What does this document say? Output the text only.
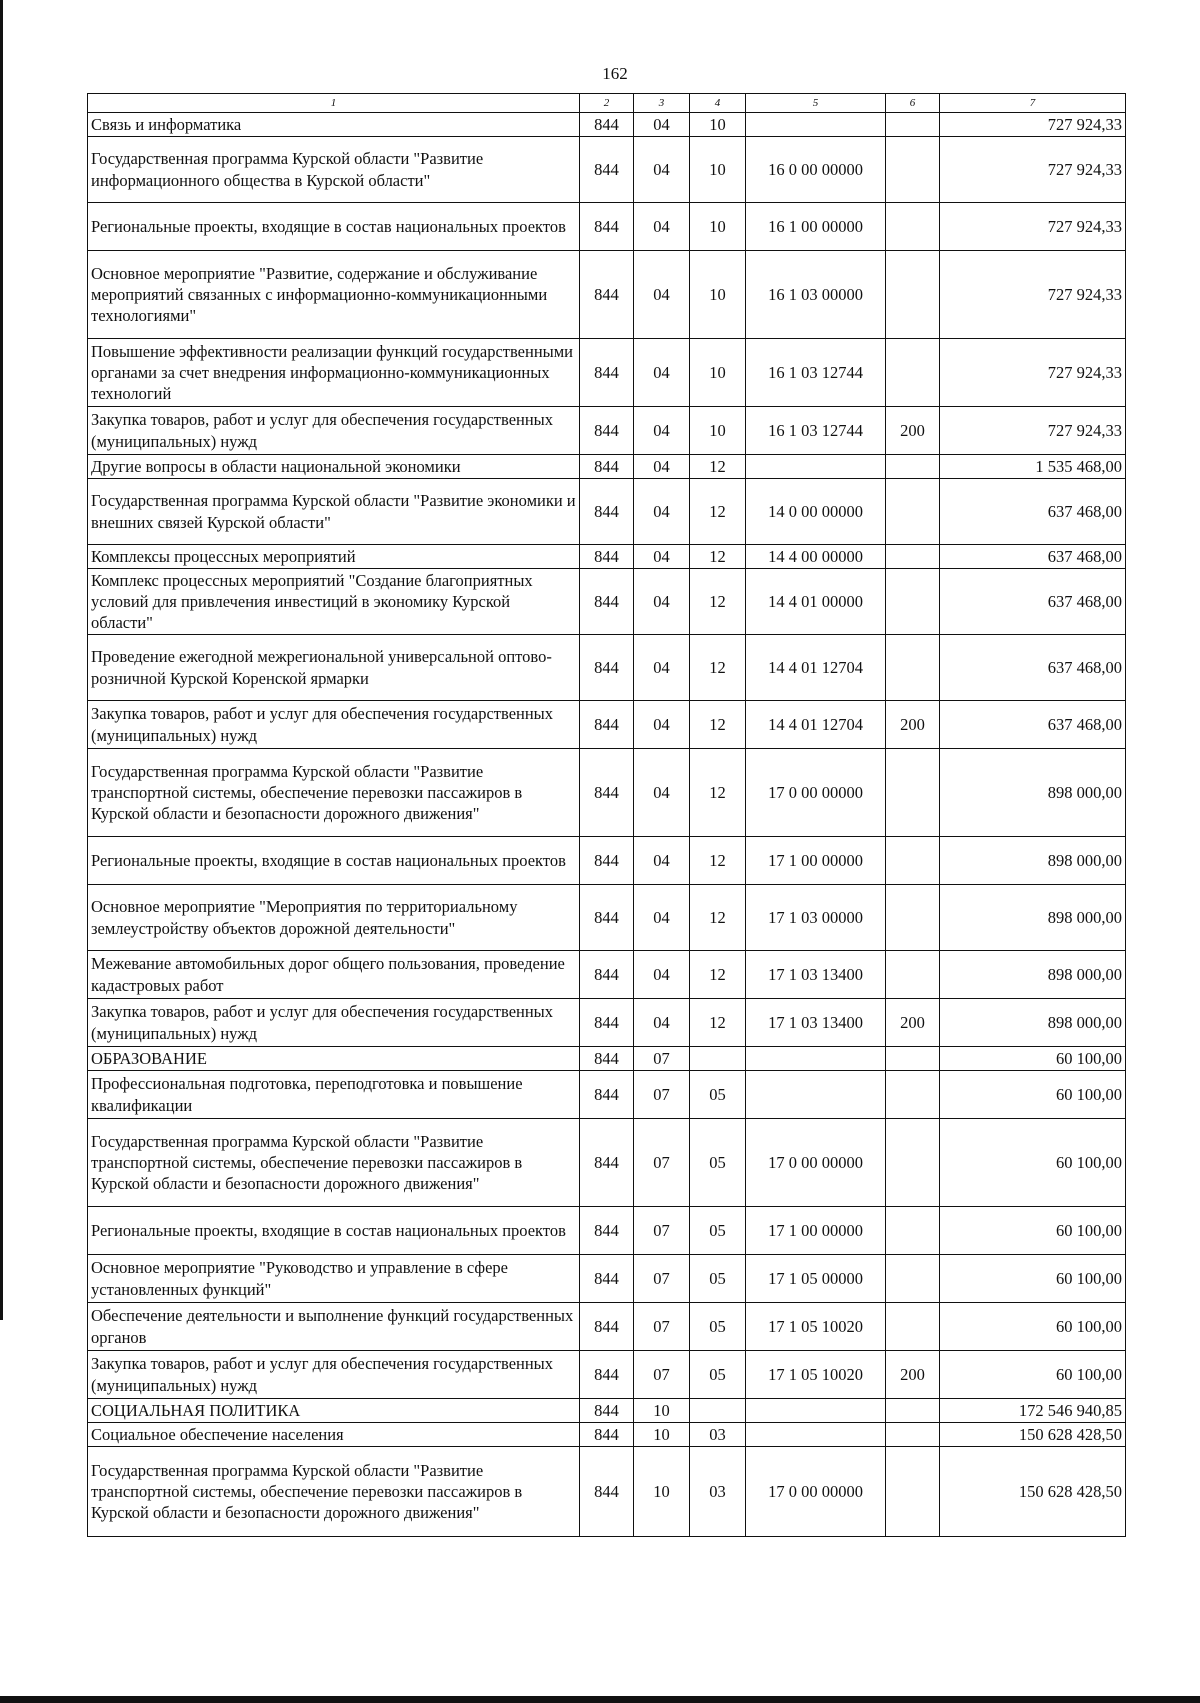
162
1	2	3	4	5	6	7
Связь и информатика	844	04	10			727 924,33
Государственная программа Курской области "Развитие информационного общества в Курской области"	844	04	10	16 0 00 00000		727 924,33
Региональные проекты, входящие в состав национальных проектов	844	04	10	16 1 00 00000		727 924,33
Основное мероприятие "Развитие, содержание и обслуживание мероприятий связанных с информационно-коммуникационными технологиями"	844	04	10	16 1 03 00000		727 924,33
Повышение эффективности реализации функций государственными органами за счет внедрения информационно-коммуникационных технологий	844	04	10	16 1 03 12744		727 924,33
Закупка товаров, работ и услуг для обеспечения государственных (муниципальных) нужд	844	04	10	16 1 03 12744	200	727 924,33
Другие вопросы в области национальной экономики	844	04	12			1 535 468,00
Государственная программа Курской области "Развитие экономики и внешних связей Курской области"	844	04	12	14 0 00 00000		637 468,00
Комплексы процессных мероприятий	844	04	12	14 4 00 00000		637 468,00
Комплекс процессных мероприятий "Создание благоприятных условий для привлечения инвестиций в экономику Курской области"	844	04	12	14 4 01 00000		637 468,00
Проведение ежегодной межрегиональной универсальной оптово-розничной Курской Коренской ярмарки	844	04	12	14 4 01 12704		637 468,00
Закупка товаров, работ и услуг для обеспечения государственных (муниципальных) нужд	844	04	12	14 4 01 12704	200	637 468,00
Государственная программа Курской области "Развитие транспортной системы, обеспечение перевозки пассажиров в Курской области и безопасности дорожного движения"	844	04	12	17 0 00 00000		898 000,00
Региональные проекты, входящие в состав национальных проектов	844	04	12	17 1 00 00000		898 000,00
Основное мероприятие "Мероприятия по территориальному землеустройству объектов дорожной деятельности"	844	04	12	17 1 03 00000		898 000,00
Межевание автомобильных дорог общего пользования, проведение кадастровых работ	844	04	12	17 1 03 13400		898 000,00
Закупка товаров, работ и услуг для обеспечения государственных (муниципальных) нужд	844	04	12	17 1 03 13400	200	898 000,00
ОБРАЗОВАНИЕ	844	07				60 100,00
Профессиональная подготовка, переподготовка и повышение квалификации	844	07	05			60 100,00
Государственная программа Курской области "Развитие транспортной системы, обеспечение перевозки пассажиров в Курской области и безопасности дорожного движения"	844	07	05	17 0 00 00000		60 100,00
Региональные проекты, входящие в состав национальных проектов	844	07	05	17 1 00 00000		60 100,00
Основное мероприятие "Руководство и управление в сфере установленных функций"	844	07	05	17 1 05 00000		60 100,00
Обеспечение деятельности и выполнение функций государственных органов	844	07	05	17 1 05 10020		60 100,00
Закупка товаров, работ и услуг для обеспечения государственных (муниципальных) нужд	844	07	05	17 1 05 10020	200	60 100,00
СОЦИАЛЬНАЯ ПОЛИТИКА	844	10				172 546 940,85
Социальное обеспечение населения	844	10	03			150 628 428,50
Государственная программа Курской области "Развитие транспортной системы, обеспечение перевозки пассажиров в Курской области и безопасности дорожного движения"	844	10	03	17 0 00 00000		150 628 428,50
